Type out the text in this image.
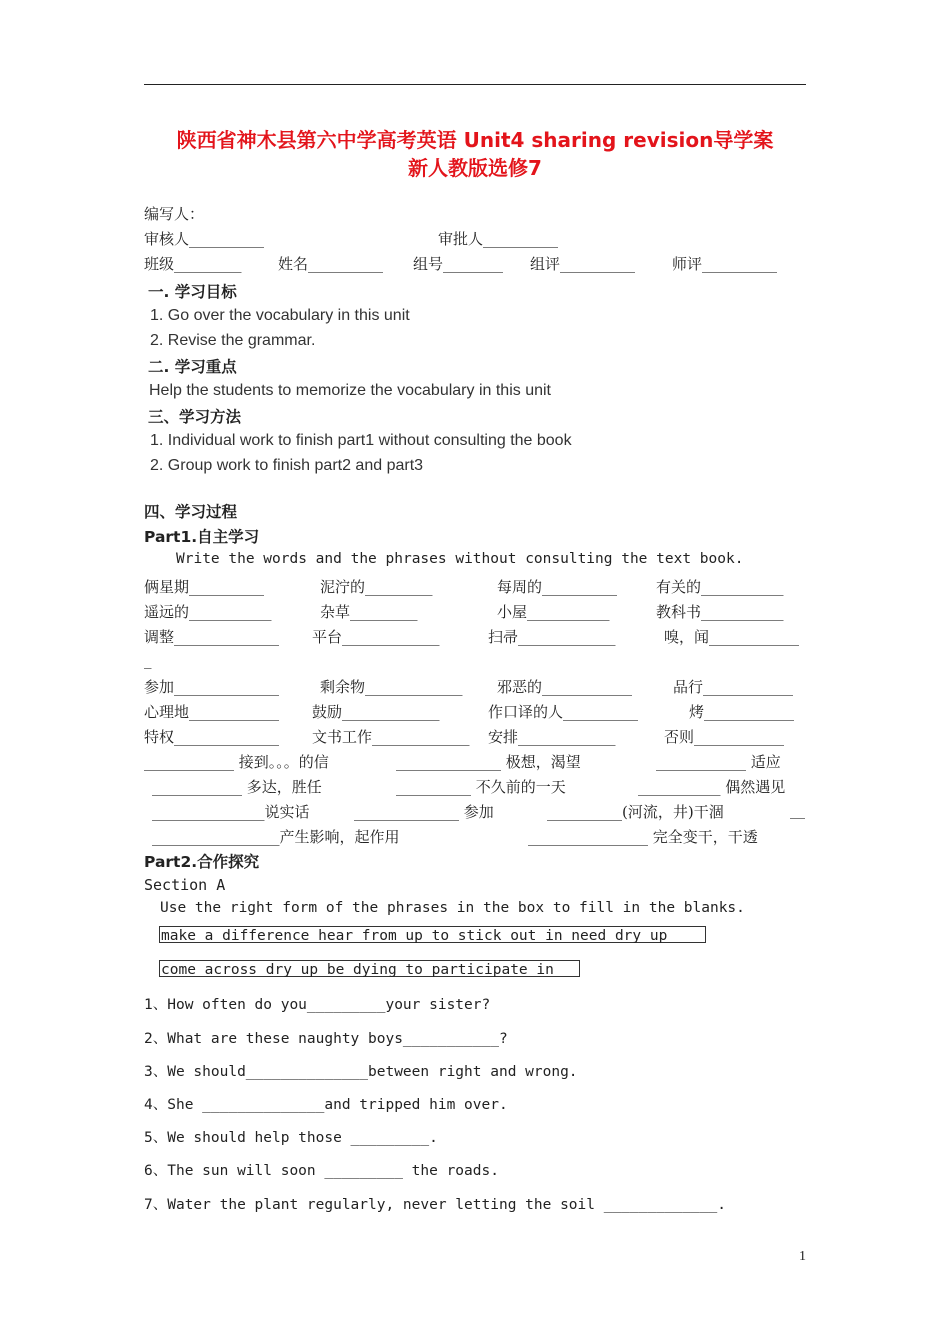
陕西省神木县第六中学高考英语 Unit4 sharing revision导学案
新人教版选修7
编写人：
审核人__________	审批人__________
班级_________ 姓名__________ 组号________ 组评__________ 师评__________
一. 学习目标
1. Go over the vocabulary in this unit
2. Revise the grammar.
二. 学习重点
Help the students to memorize the vocabulary in this unit
三、学习方法
1. Individual work to finish part1 without consulting the book
2. Group work to finish part2 and part3
四、学习过程
Part1.自主学习
Write the words and the phrases without consulting the text book.
俩星期__________	泥泞的_________	每周的__________	有关的___________
遥远的___________	杂草_________	小屋___________	教科书___________
调整______________ 平台_____________	扫帚_____________	嗅，闻____________
_
参加______________	剩余物_____________ 邪恶的____________	品行____________
心理地____________ 鼓励_____________	作口译的人__________	烤____________
特权______________ 文书工作_____________ 安排_____________	否则____________
____________ 接到。。。的信	______________ 极想，渴望	____________ 适应
____________ 多达，胜任	__________ 不久前的一天	___________ 偶然遇见
_______________说实话	______________ 参加	__________(河流，井)干涸	__
_________________产生影响，起作用	________________ 完全变干，干透
Part2.合作探究
Section A
Use the right form of the phrases in the box to fill in the blanks.
make a difference hear from up to stick out in need dry up
come across dry up be dying to participate in
1、How often do you_________your sister?
2、What are these naughty boys___________?
3、We should______________between right and wrong.
4、She ______________and tripped him over.
5、We should help those _________.
6、The sun will soon _________ the roads.
7、Water the plant regularly, never letting the soil _____________.
1
